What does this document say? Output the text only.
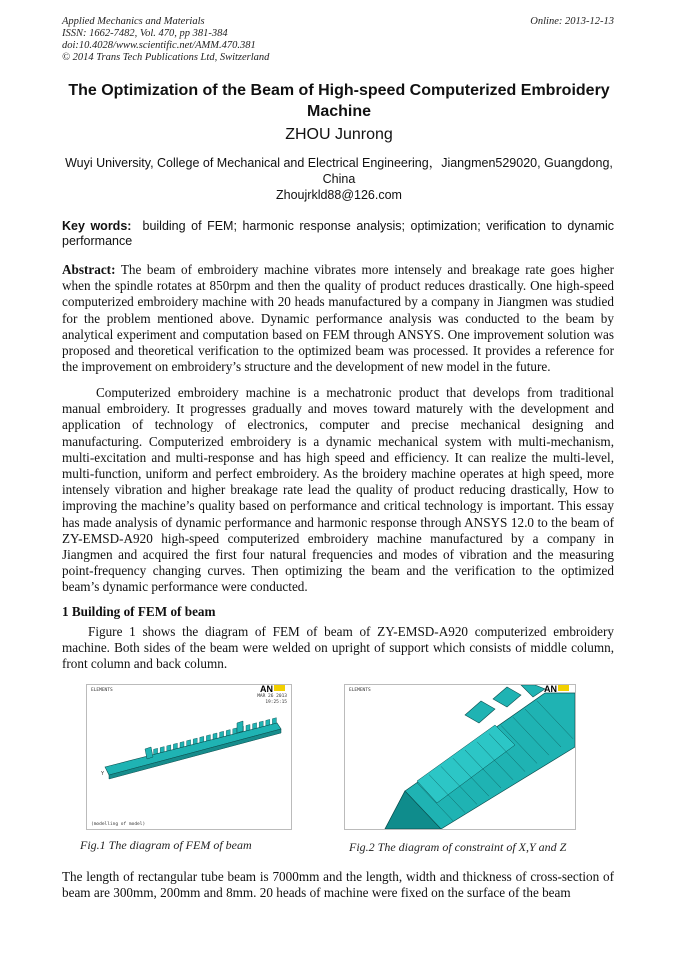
Applied Mechanics and Materials
ISSN: 1662-7482, Vol. 470, pp 381-384
doi:10.4028/www.scientific.net/AMM.470.381
© 2014 Trans Tech Publications Ltd, Switzerland
Online: 2013-12-13
The Optimization of the Beam of High-speed Computerized Embroidery Machine
ZHOU Junrong
Wuyi University, College of Mechanical and Electrical Engineering，Jiangmen529020, Guangdong, China
Zhoujrkld88@126.com
Key words: building of FEM; harmonic response analysis; optimization; verification to dynamic performance
Abstract: The beam of embroidery machine vibrates more intensely and breakage rate goes higher when the spindle rotates at 850rpm and then the quality of product reduces drastically. One high-speed computerized embroidery machine with 20 heads manufactured by a company in Jiangmen was studied for the problem mentioned above. Dynamic performance analysis was conducted to the beam by analytical experiment and computation based on FEM through ANSYS. One improvement solution was proposed and theoretical verification to the optimized beam was processed. It provides a reference for the improvement on embroidery’s structure and the development of new model in the future.
Computerized embroidery machine is a mechatronic product that develops from traditional manual embroidery. It progresses gradually and moves toward maturely with the development and application of technology of electronics, computer and precise mechanical designing and manufacturing. Computerized embroidery is a dynamic mechanical system with multi-mechanism, multi-excitation and multi-response and has high speed and efficiency. It can realize the multi-level, multi-function, uniform and perfect embroidery. As the broidery machine operates at high speed, more intensely vibration and higher breakage rate lead the quality of product reducing drastically, How to improving the machine’s quality based on performance and critical technology is important. This essay has made analysis of dynamic performance and harmonic response through ANSYS 12.0 to the beam of ZY-EMSD-A920 high-speed computerized embroidery machine manufactured by a company in Jiangmen and acquired the first four natural frequencies and modes of vibration and the measuring point-frequency changing curves. Then optimizing the beam and the verification to the optimized beam’s dynamic performance were conducted.
1 Building of FEM of beam
Figure 1 shows the diagram of FEM of beam of ZY-EMSD-A920 computerized embroidery machine. Both sides of the beam were welded on upright of support which consists of middle column, front column and back column.
ELEMENTS	AN
MAR 26 2013
19:25:15
(modelling of model)
Y
Fig.1 The diagram of FEM of beam
ELEMENTS	AN
Fig.2 The diagram of constraint of X,Y and Z
The length of rectangular tube beam is 7000mm and the length, width and thickness of cross-section of beam are 300mm, 200mm and 8mm. 20 heads of machine were fixed on the surface of the beam
